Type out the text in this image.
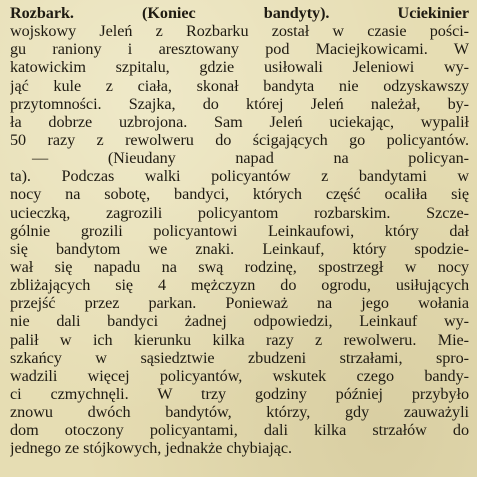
Rozbark. (Koniec bandyty). Uciekinier
wojskowy Jeleń z Rozbarku został w czasie pości-
gu raniony i aresztowany pod Maciejkowicami. W
katowickim szpitalu, gdzie usiłowali Jeleniowi wy-
jąć kule z ciała, skonał bandyta nie odzyskawszy
przytomności. Szajka, do której Jeleń należał, by-
ła dobrze uzbrojona. Sam Jeleń uciekając, wypalił
50 razy z rewolweru do ścigających go policyantów.
— (Nieudany napad na policyan-
ta). Podczas walki policyantów z bandytami w
nocy na sobotę, bandyci, których część ocaliła się
ucieczką, zagrozili policyantom rozbarskim. Szcze-
gólnie grozili policyantowi Leinkaufowi, który dał
się bandytom we znaki. Leinkauf, który spodzie-
wał się napadu na swą rodzinę, spostrzegł w nocy
zbliżających się 4 mężczyzn do ogrodu, usiłujących
przejść przez parkan. Ponieważ na jego wołania
nie dali bandyci żadnej odpowiedzi, Leinkauf wy-
palił w ich kierunku kilka razy z rewolweru. Mie-
szkańcy w sąsiedztwie zbudzeni strzałami, spro-
wadzili więcej policyantów, wskutek czego bandy-
ci czmychnęli. W trzy godziny później przybyło
znowu dwóch bandytów, którzy, gdy zauważyli
dom otoczony policyantami, dali kilka strzałów do
jednego ze stójkowych, jednakże chybiając.
